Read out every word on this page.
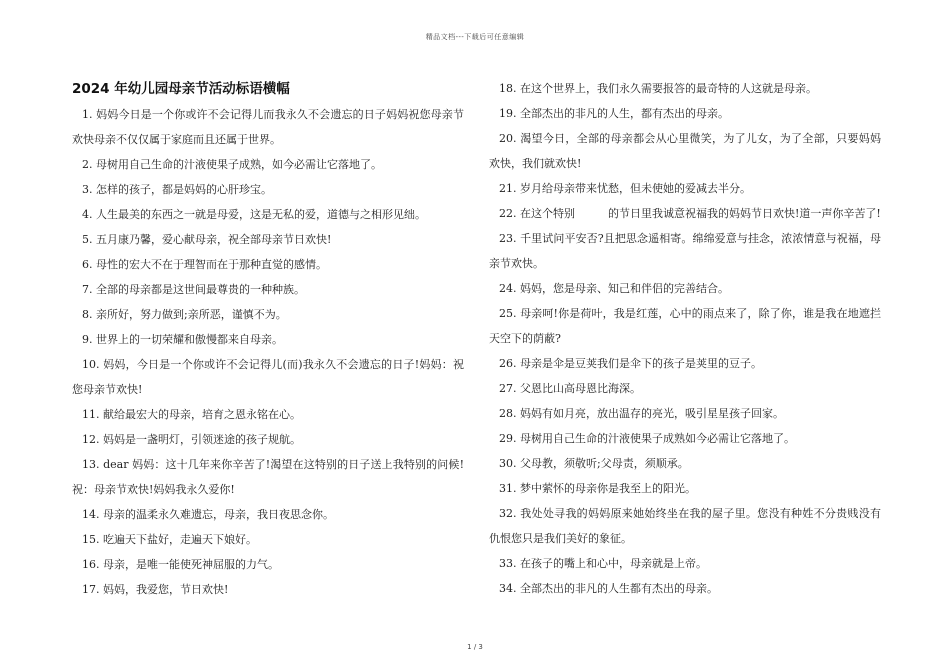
精品文档---下载后可任意编辑
2024 年幼儿园母亲节活动标语横幅
1. 妈妈今日是一个你或许不会记得儿而我永久不会遗忘的日子妈妈祝您母亲节欢快母亲不仅仅属于家庭而且还属于世界。
2. 母树用自己生命的汁液使果子成熟，如今必需让它落地了。
3. 怎样的孩子，都是妈妈的心肝珍宝。
4. 人生最美的东西之一就是母爱，这是无私的爱，道德与之相形见绌。
5. 五月康乃馨，爱心献母亲，祝全部母亲节日欢快!
6. 母性的宏大不在于理智而在于那种直觉的感情。
7. 全部的母亲都是这世间最尊贵的一种种族。
8. 亲所好，努力做到;亲所恶，谨慎不为。
9. 世界上的一切荣耀和傲慢都来自母亲。
10. 妈妈，今日是一个你或许不会记得儿(而)我永久不会遗忘的日子!妈妈：祝您母亲节欢快!
11. 献给最宏大的母亲，培育之恩永铭在心。
12. 妈妈是一盏明灯，引领迷途的孩子规航。
13. dear 妈妈：这十几年来你辛苦了!渴望在这特别的日子送上我特别的问候!祝：母亲节欢快!妈妈我永久爱你!
14. 母亲的温柔永久难遗忘，母亲，我日夜思念你。
15. 吃遍天下盐好，走遍天下娘好。
16. 母亲，是唯一能使死神屈服的力气。
17. 妈妈，我爱您，节日欢快!
18. 在这个世界上，我们永久需要报答的最奇特的人这就是母亲。
19. 全部杰出的非凡的人生，都有杰出的母亲。
20. 渴望今日，全部的母亲都会从心里微笑，为了儿女，为了全部，只要妈妈欢快，我们就欢快!
21. 岁月给母亲带来忧愁，但未使她的爱减去半分。
22. 在这个特别　　　的节日里我诚意祝福我的妈妈节日欢快!道一声你辛苦了!
23. 千里试问平安否?且把思念遥相寄。绵绵爱意与挂念，浓浓情意与祝福，母亲节欢快。
24. 妈妈，您是母亲、知己和伴侣的完善结合。
25. 母亲呵!你是荷叶，我是红莲，心中的雨点来了，除了你，谁是我在地遮拦天空下的荫蔽?
26. 母亲是伞是豆荚我们是伞下的孩子是荚里的豆子。
27. 父恩比山高母恩比海深。
28. 妈妈有如月亮，放出温存的亮光，吸引星星孩子回家。
29. 母树用自己生命的汁液使果子成熟如今必需让它落地了。
30. 父母教，须敬听;父母责，须顺承。
31. 梦中萦怀的母亲你是我至上的阳光。
32. 我处处寻我的妈妈原来她始终坐在我的屋子里。您没有种姓不分贵贱没有仇恨您只是我们美好的象征。
33. 在孩子的嘴上和心中，母亲就是上帝。
34. 全部杰出的非凡的人生都有杰出的母亲。
1 / 3
